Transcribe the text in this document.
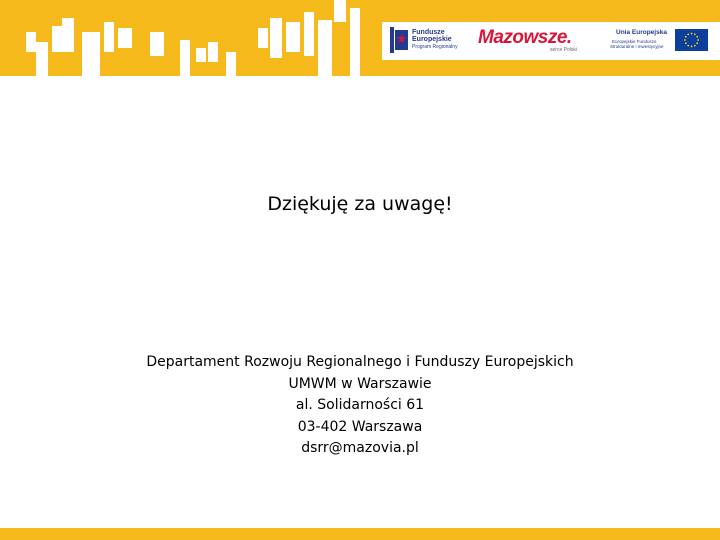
Fundusze
Europejskie
Program Regionalny Mazowsze.
serce Polski
Unia Europejska
Europejskie Fundusze
Strukturalne i Inwestycyjne
Dziękuję za uwagę!
Departament Rozwoju Regionalnego i Funduszy Europejskich
UMWM w Warszawie
al. Solidarności 61
03-402 Warszawa
dsrr@mazovia.pl
